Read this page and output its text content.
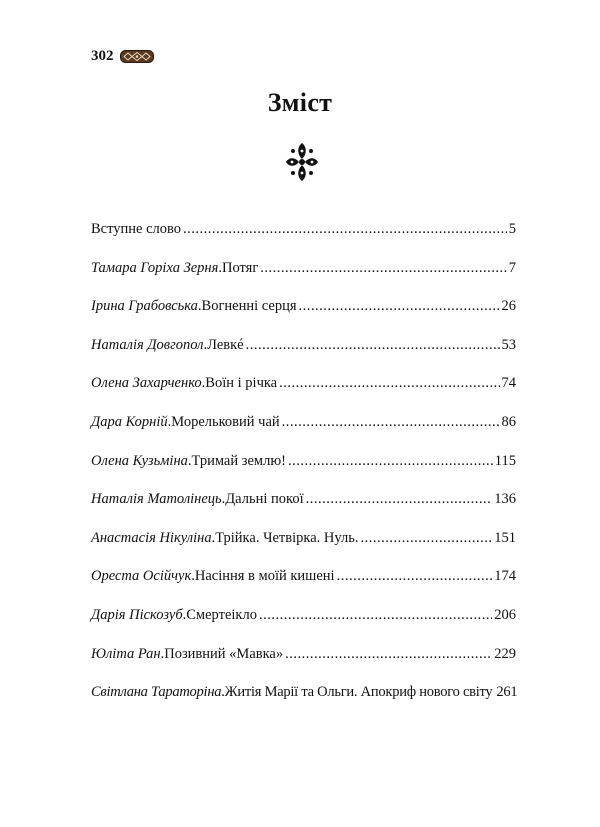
302
Зміст
Вступне слово .....	5
Тамара Горіха Зерня . Потяг .....	7
Ірина Грабовська . Вогненні серця .....	26
Наталія Довгопол . Левкé .....	53
Олена Захарченко . Воїн і річка .....	74
Дара Корній . Морельковий чай .....	86
Олена Кузьміна . Тримай землю! .....	115
Наталія Матолінець . Дальні покої .....	136
Анастасія Нікуліна . Трійка. Четвірка. Нуль. .....	151
Ореста Осійчук . Насіння в моїй кишені .....	174
Дарія Піскозуб . Смертеікло .....	206
Юліта Ран . Позивний «Мавка» .....	229
Світлана Тараторіна . Житія Марії та Ольги. Апокриф нового світу 261
